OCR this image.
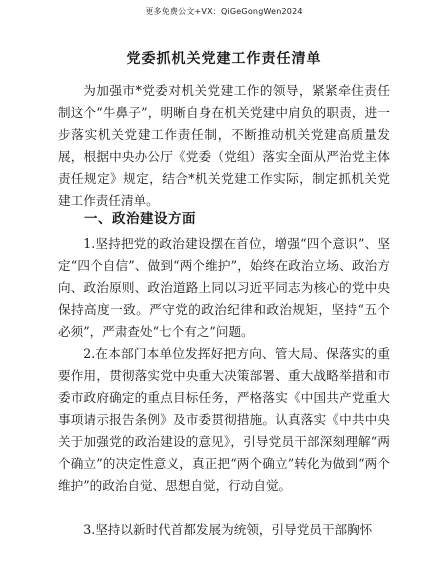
更多免费公文+VX：QiGeGongWen2024
党委抓机关党建工作责任清单

为加强市*党委对机关党建工作的领导，紧紧牵住责任制这个“牛鼻子”，明晰自身在机关党建中肩负的职责，进一步落实机关党建工作责任制，不断推动机关党建高质量发展，根据中央办公厅《党委（党组）落实全面从严治党主体责任规定》规定，结合*机关党建工作实际，制定抓机关党建工作责任清单。

一、政治建设方面

1.坚持把党的政治建设摆在首位，增强“四个意识”、坚定“四个自信”、做到“两个维护”，始终在政治立场、政治方向、政治原则、政治道路上同以习近平同志为核心的党中央保持高度一致。严守党的政治纪律和政治规矩，坚持“五个必须”，严肃查处“七个有之”问题。

2.在本部门本单位发挥好把方向、管大局、保落实的重要作用，贯彻落实党中央重大决策部署、重大战略举措和市委市政府确定的重点目标任务，严格落实《中国共产党重大事项请示报告条例》及市委贯彻措施。认真落实《中共中央关于加强党的政治建设的意见》，引导党员干部深刻理解“两个确立”的决定性意义，真正把“两个确立”转化为做到“两个维护”的政治自觉、思想自觉，行动自觉。

3.坚持以新时代首都发展为统领，引导党员干部胸怀
